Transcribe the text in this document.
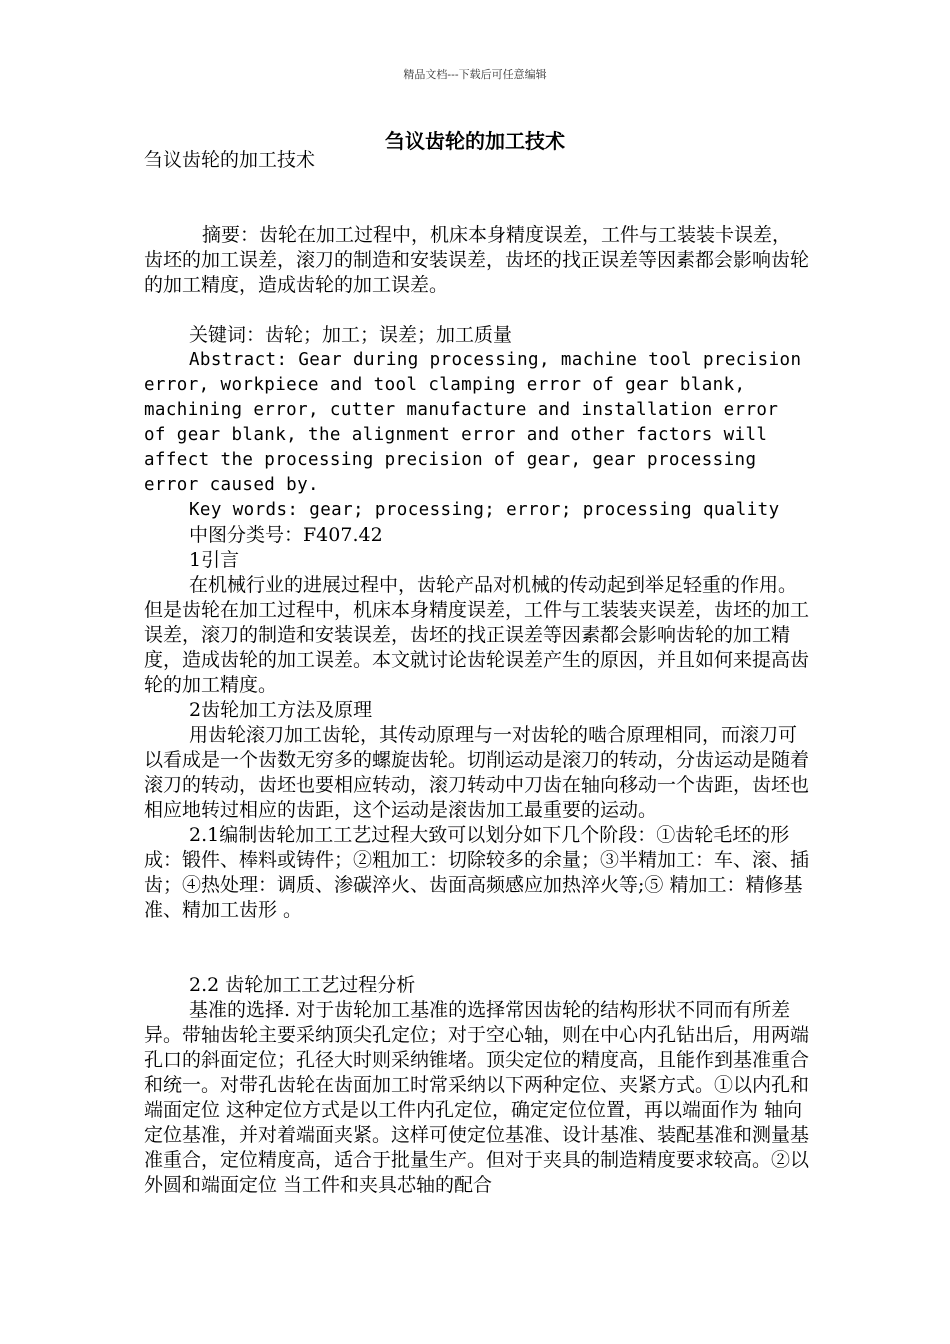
精品文档---下载后可任意编辑
刍议齿轮的加工技术

刍议齿轮的加工技术

摘要：齿轮在加工过程中，机床本身精度误差，工件与工装装卡误差，齿坯的加工误差，滚刀的制造和安装误差，齿坯的找正误差等因素都会影响齿轮的加工精度，造成齿轮的加工误差。

关键词：齿轮；加工；误差；加工质量

Abstract: Gear during processing, machine tool precision error, workpiece and tool clamping error of gear blank, machining error, cutter manufacture and installation error of gear blank, the alignment error and other factors will affect the processing precision of gear, gear processing error caused by.

Key words: gear; processing; error; processing quality

中图分类号：F407.42

1引言

在机械行业的进展过程中，齿轮产品对机械的传动起到举足轻重的作用。但是齿轮在加工过程中，机床本身精度误差，工件与工装装夹误差，齿坯的加工误差，滚刀的制造和安装误差，齿坯的找正误差等因素都会影响齿轮的加工精度，造成齿轮的加工误差。本文就讨论齿轮误差产生的原因，并且如何来提高齿轮的加工精度。

2齿轮加工方法及原理

用齿轮滚刀加工齿轮，其传动原理与一对齿轮的啮合原理相同，而滚刀可以看成是一个齿数无穷多的螺旋齿轮。切削运动是滚刀的转动，分齿运动是随着滚刀的转动，齿坯也要相应转动，滚刀转动中刀齿在轴向移动一个齿距，齿坯也相应地转过相应的齿距，这个运动是滚齿加工最重要的运动。

2.1编制齿轮加工工艺过程大致可以划分如下几个阶段：①齿轮毛坯的形成：锻件、棒料或铸件；②粗加工：切除较多的余量；③半精加工：车、滚、插齿；④热处理：调质、渗碳淬火、齿面高频感应加热淬火等;⑤ 精加工：精修基准、精加工齿形 。

2.2 齿轮加工工艺过程分析

基准的选择. 对于齿轮加工基准的选择常因齿轮的结构形状不同而有所差异。带轴齿轮主要采纳顶尖孔定位；对于空心轴，则在中心内孔钻出后，用两端孔口的斜面定位；孔径大时则采纳锥堵。顶尖定位的精度高，且能作到基准重合和统一。对带孔齿轮在齿面加工时常采纳以下两种定位、夹紧方式。①以内孔和端面定位 这种定位方式是以工件内孔定位，确定定位位置，再以端面作为 轴向定位基准，并对着端面夹紧。这样可使定位基准、设计基准、装配基准和测量基准重合，定位精度高，适合于批量生产。但对于夹具的制造精度要求较高。②以外圆和端面定位 当工件和夹具芯轴的配合
